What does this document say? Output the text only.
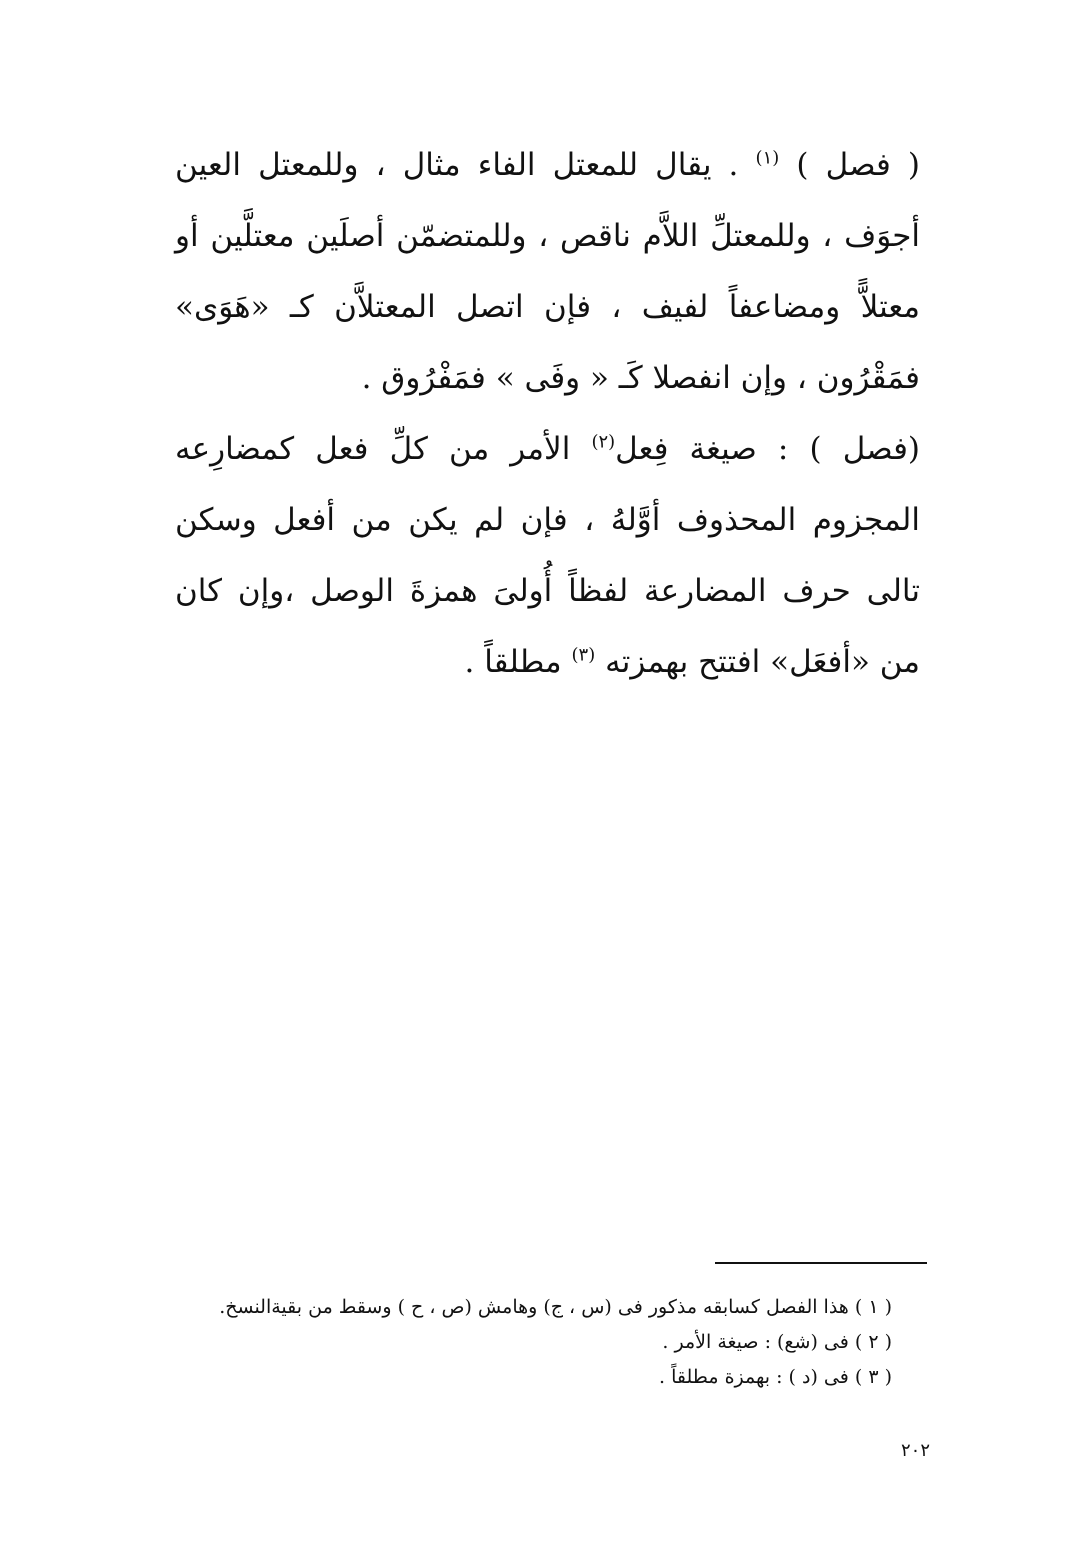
( فصل ) $^{(١)}$ . يقال للمعتل الفاء مثال ، وللمعتل العين أجوَف ، وللمعتلِّ اللاَّم ناقص ، وللمتضمّن أصلَين معتلَّين أو معتلاًّ ومضاعفاً لفيف ، فإن اتصل المعتلاَّن كـ «هَوَى» فمَقْرُون ، وإن انفصلا كَـ « وفَى » فمَفْرُوق .

(فصل ) : صيغة فِعل$^{(٢)}$ الأمر من كلِّ فعل كمضارِعه المجزوم المحذوف أوَّلهُ ، فإن لم يكن من أفعل وسكن تالى حرف المضارعة لفظاً أُولىَ همزةَ الوصل ،وإن كان من «أفعَل» افتتح بهمزته $^{(٣)}$ مطلقاً .

( ١ ) هذا الفصل كسابقه مذكور فى (س ، ج) وهامش (ص ، ح ) وسقط من بقيةالنسخ.

( ٢ ) فى (شع) : صيغة الأمر .

( ٣ ) فى (د ) : بهمزة مطلقاً .

٢٠٢
